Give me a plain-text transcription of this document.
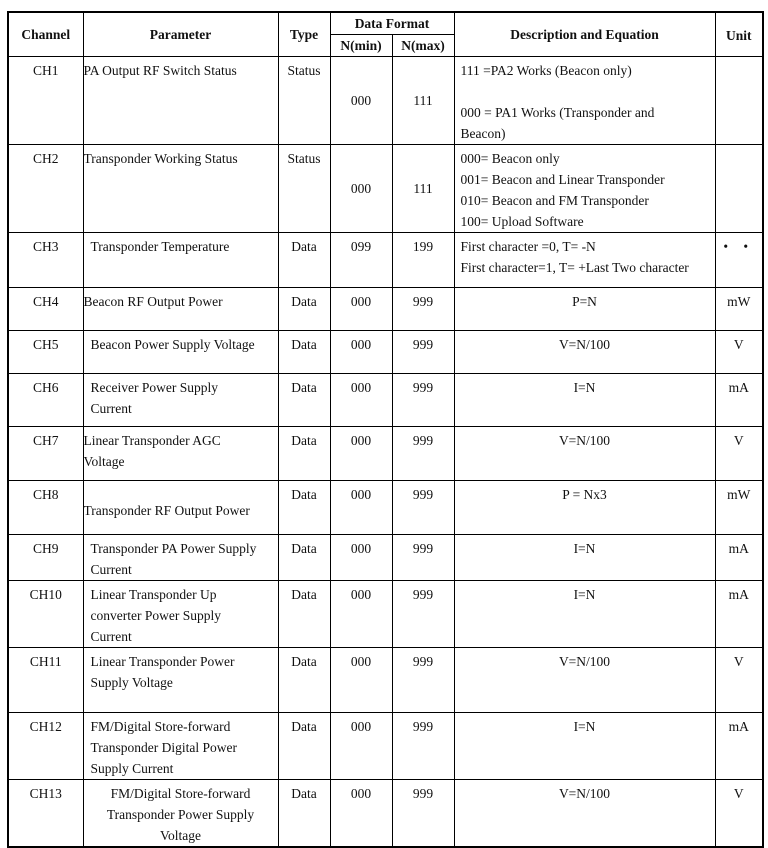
Channel	Parameter	Type	Data Format		Description and Equation	Unit
			N(min)	N(max)		
CH1	PA Output RF Switch Status	Status	000	111	111 =PA2 Works (Beacon only)
000 = PA1 Works (Transponder and
Beacon)	

CH2	Transponder Working Status	Status	000	111	000= Beacon only
001= Beacon and Linear Transponder
010= Beacon and FM Transponder
100= Upload Software	

CH3	Transponder Temperature	Data	099	199	First character =0, T= -N
First character=1, T= +Last Two character	• •
CH4	Beacon RF Output Power	Data	000	999	P=N	mW
CH5	Beacon Power Supply Voltage	Data	000	999	V=N/100	V
CH6	Receiver Power Supply
Current	Data	000	999	I=N	mA
CH7	Linear Transponder AGC
Voltage	Data	000	999	V=N/100	V
CH8	Transponder RF Output Power	Data	000	999	P = Nx3	mW
CH9	Transponder PA Power Supply
Current	Data	000	999	I=N	mA
CH10	Linear Transponder Up
converter Power Supply
Current	Data	000	999	I=N	mA
CH11	Linear Transponder Power
Supply Voltage	Data	000	999	V=N/100	V
CH12	FM/Digital Store-forward
Transponder Digital Power
Supply Current	Data	000	999	I=N	mA
CH13	FM/Digital Store-forward
Transponder Power Supply
Voltage	Data	000	999	V=N/100	V
